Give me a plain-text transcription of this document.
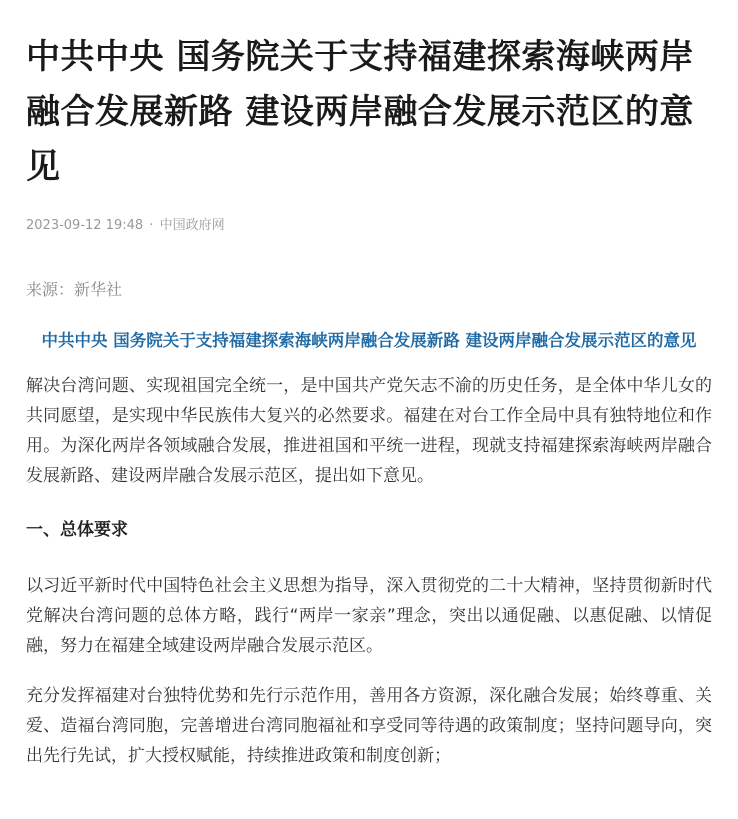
中共中央 国务院关于支持福建探索海峡两岸融合发展新路 建设两岸融合发展示范区的意见
2023-09-12 19:48 · 中国政府网
来源：新华社
中共中央 国务院关于支持福建探索海峡两岸融合发展新路 建设两岸融合发展示范区的意见

解决台湾问题、实现祖国完全统一，是中国共产党矢志不渝的历史任务，是全体中华儿女的共同愿望，是实现中华民族伟大复兴的必然要求。福建在对台工作全局中具有独特地位和作用。为深化两岸各领域融合发展，推进祖国和平统一进程，现就支持福建探索海峡两岸融合发展新路、建设两岸融合发展示范区，提出如下意见。

一、总体要求

以习近平新时代中国特色社会主义思想为指导，深入贯彻党的二十大精神，坚持贯彻新时代党解决台湾问题的总体方略，践行“两岸一家亲”理念，突出以通促融、以惠促融、以情促融，努力在福建全域建设两岸融合发展示范区。

充分发挥福建对台独特优势和先行示范作用，善用各方资源，深化融合发展；始终尊重、关爱、造福台湾同胞，完善增进台湾同胞福祉和享受同等待遇的政策制度；坚持问题导向，突出先行先试，扩大授权赋能，持续推进政策和制度创新；
